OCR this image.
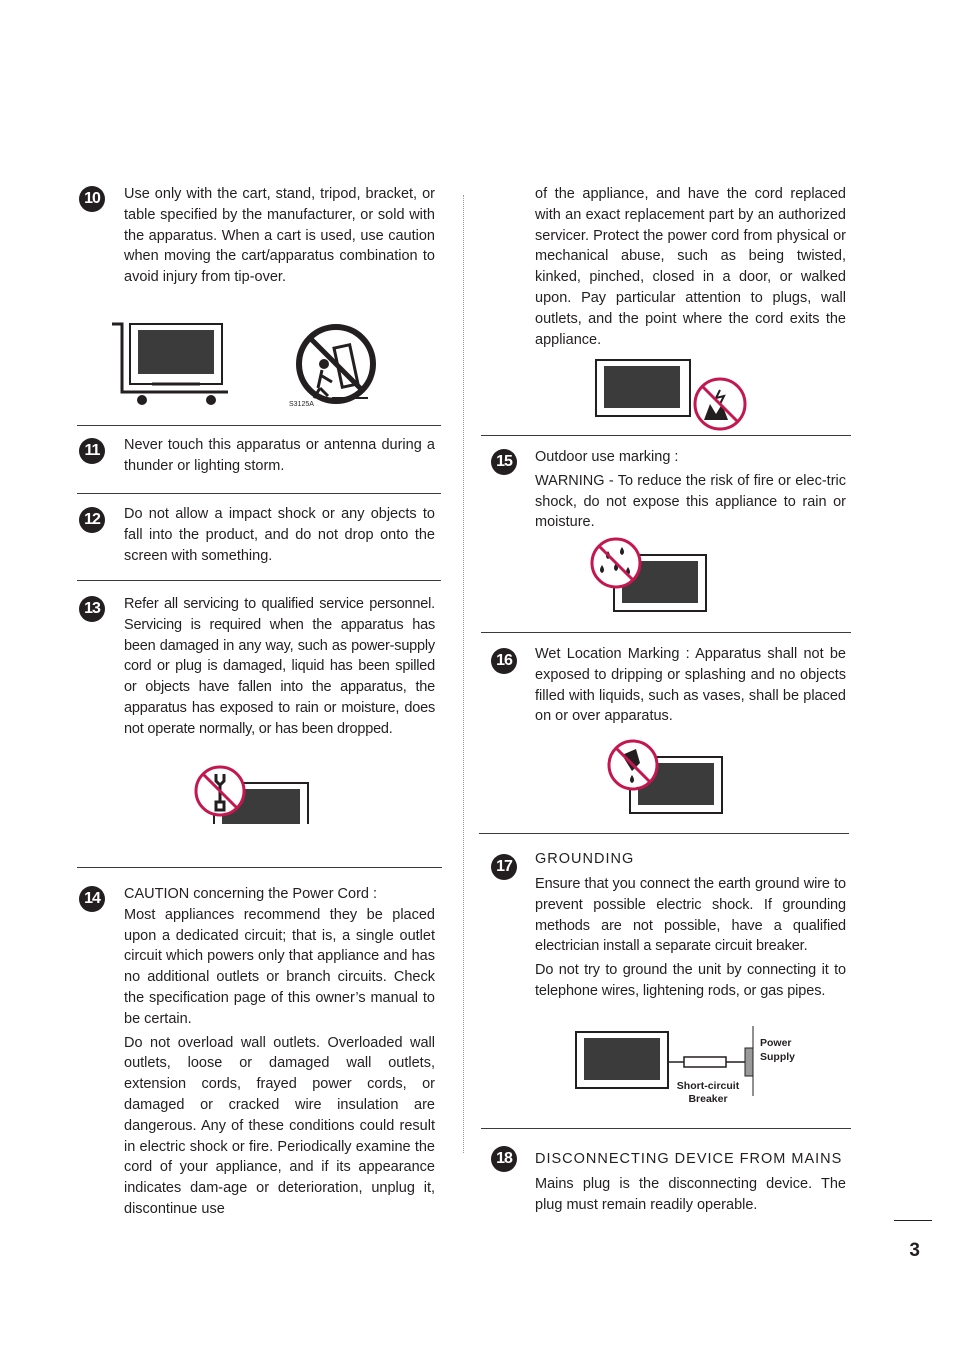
10	Use only with the cart, stand, tripod, bracket, or table specified by the manufacturer, or sold with the apparatus. When a cart is used, use caution when moving the cart/apparatus combination to avoid injury from tip-over.

S3125A
11	Never touch this apparatus or antenna during a thunder or lighting storm.

12	Do not allow a impact shock or any objects to fall into the product, and do not drop onto the screen with something.

13	Refer all servicing to qualified service personnel. Servicing is required when the apparatus has been damaged in any way, such as power-supply cord or plug is damaged, liquid has been spilled or objects have fallen into the apparatus, the apparatus has exposed to rain or moisture, does not operate normally, or has been dropped.

14	CAUTION concerning the Power Cord :

Most appliances recommend they be placed upon a dedicated circuit; that is, a single outlet circuit which powers only that appliance and has no additional outlets or branch circuits. Check the specification page of this owner’s manual to be certain.

Do not overload wall outlets. Overloaded wall outlets, loose or damaged wall outlets, extension cords, frayed power cords, or damaged or cracked wire insulation are dangerous. Any of these conditions could result in electric shock or fire. Periodically examine the cord of your appliance, and if its appearance indicates dam-age or deterioration, unplug it, discontinue use

of the appliance, and have the cord replaced with an exact replacement part by an authorized servicer. Protect the power cord from physical or mechanical abuse, such as being twisted, kinked, pinched, closed in a door, or walked upon. Pay particular attention to plugs, wall outlets, and the point where the cord exits the appliance.

15	Outdoor use marking :

WARNING - To reduce the risk of fire or elec-tric shock, do not expose this appliance to rain or moisture.

16	Wet Location Marking : Apparatus shall not be exposed to dripping or splashing and no objects filled with liquids, such as vases, shall be placed on or over apparatus.

17	GROUNDING

Ensure that you connect the earth ground wire to prevent possible electric shock. If grounding methods are not possible, have a qualified electrician install a separate circuit breaker.

Do not try to ground the unit by connecting it to telephone wires, lightening rods, or gas pipes.

Power
Supply
Short-circuit
Breaker
18	DISCONNECTING DEVICE FROM MAINS

Mains plug is the disconnecting device. The plug must remain readily operable.

3
